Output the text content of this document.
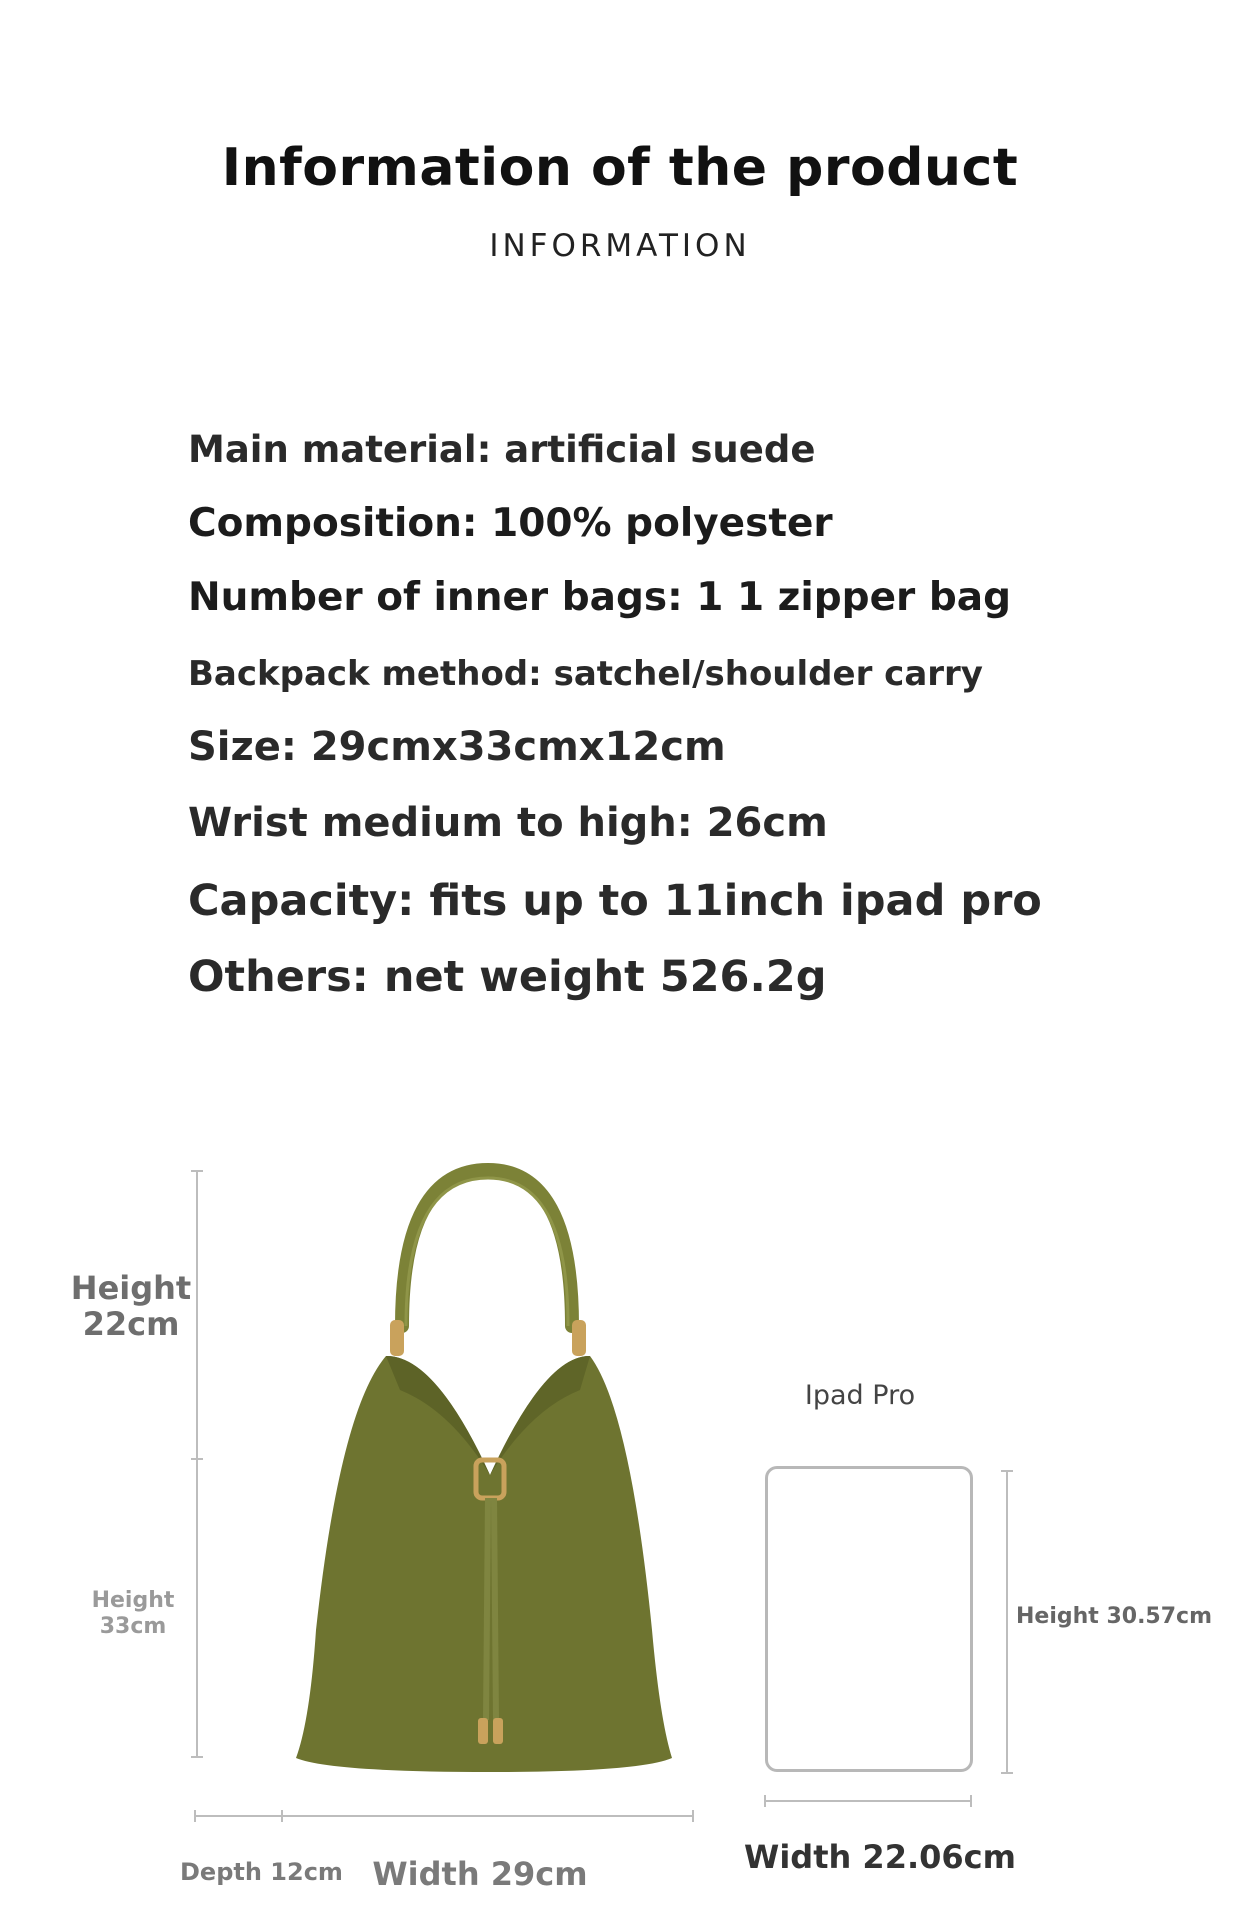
Information of the product
INFORMATION
Main material: artificial suede
Composition: 100% polyester
Number of inner bags: 1 1 zipper bag
Backpack method: satchel/shoulder carry
Size: 29cmx33cmx12cm
Wrist medium to high: 26cm
Capacity: fits up to 11inch ipad pro
Others: net weight 526.2g
Height
22cm
Height
33cm
Depth 12cm Width 29cm
Ipad Pro
Height 30.57cm
Width 22.06cm
